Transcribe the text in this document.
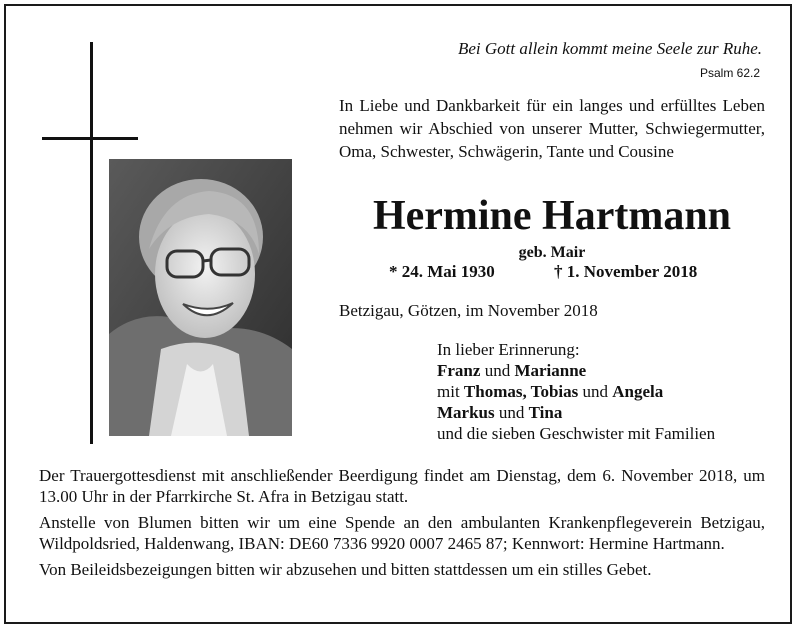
Bei Gott allein kommt meine Seele zur Ruhe.
Psalm 62.2
In Liebe und Dankbarkeit für ein langes und erfülltes Leben nehmen wir Abschied von unserer Mutter, Schwiegermutter, Oma, Schwester, Schwägerin, Tante und Cousine
Hermine Hartmann
geb. Mair
* 24. Mai 1930	† 1. November 2018
Betzigau, Götzen, im November 2018
In lieber Erinnerung:
Franz und Marianne
mit Thomas, Tobias und Angela
Markus und Tina
und die sieben Geschwister mit Familien

Der Trauergottesdienst mit anschließender Beerdigung findet am Dienstag, dem 6. November 2018, um 13.00 Uhr in der Pfarrkirche St. Afra in Betzigau statt.

Anstelle von Blumen bitten wir um eine Spende an den ambulanten Krankenpflegeverein Betzigau, Wildpoldsried, Haldenwang, IBAN: DE60 7336 9920 0007 2465 87; Kennwort: Hermine Hartmann.

Von Beileidsbezeigungen bitten wir abzusehen und bitten stattdessen um ein stilles Gebet.
